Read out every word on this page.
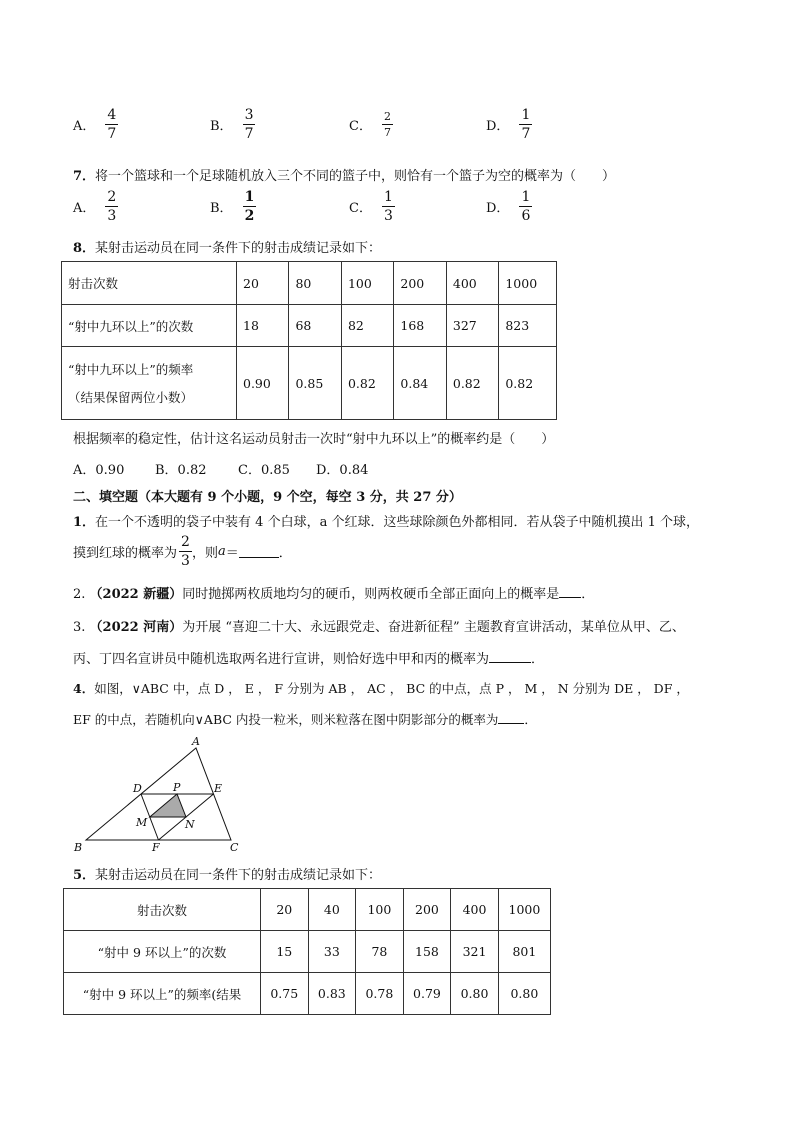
A． $\frac{4}{7}$	B． $\frac{3}{7}$	C． $\frac{2}{7}$	D． $\frac{1}{7}$
7．将一个篮球和一个足球随机放入三个不同的篮子中，则恰有一个篮子为空的概率为（　　）
A． $\frac{2}{3}$	B． $\frac{1}{2}$	C． $\frac{1}{3}$	D． $\frac{1}{6}$
8．某射击运动员在同一条件下的射击成绩记录如下：
射击次数	20	80	100	200	400	1000
“射中九环以上”的次数	18	68	82	168	327	823

“射中九环以上”的频率
（结果保留两位小数）	0.90	0.85	0.82	0.84	0.82	0.82
根据频率的稳定性，估计这名运动员射击一次时“射中九环以上”的概率约是（　　）
A．0.90 B．0.82 C．0.85 D．0.84
二、填空题（本大题有 9 个小题，9 个空，每空 3 分，共 27 分）
1．在一个不透明的袋子中装有 4 个白球，a 个红球．这些球除颜色外都相同．若从袋子中随机摸出 1 个球，
摸到红球的概率为 $\frac{2}{3}$ ，则 a ＝	．
2. （2022 新疆）同时抛掷两枚质地均匀的硬币，则两枚硬币全部正面向上的概率是 ．
3. （2022 河南）为开展 “喜迎二十大、永远跟党走、奋进新征程” 主题教育宣讲活动，某单位从甲、乙、
丙、丁四名宣讲员中随机选取两名进行宣讲，则恰好选中甲和丙的概率为	．
4．如图，∨ABC 中，点 D ， E ， F 分别为 AB ， AC ， BC 的中点，点 P ， M ， N 分别为 DE ， DF ，
EF 的中点，若随机向∨ABC 内投一粒米，则米粒落在图中阴影部分的概率为 ．
A
B	C
D	E
F
P
M	N
5．某射击运动员在同一条件下的射击成绩记录如下：
射击次数	20	40	100	200	400	1000
“射中 9 环以上”的次数	15	33	78	158	321	801
“射中 9 环以上”的频率(结果	0.75	0.83	0.78	0.79	0.80	0.80
